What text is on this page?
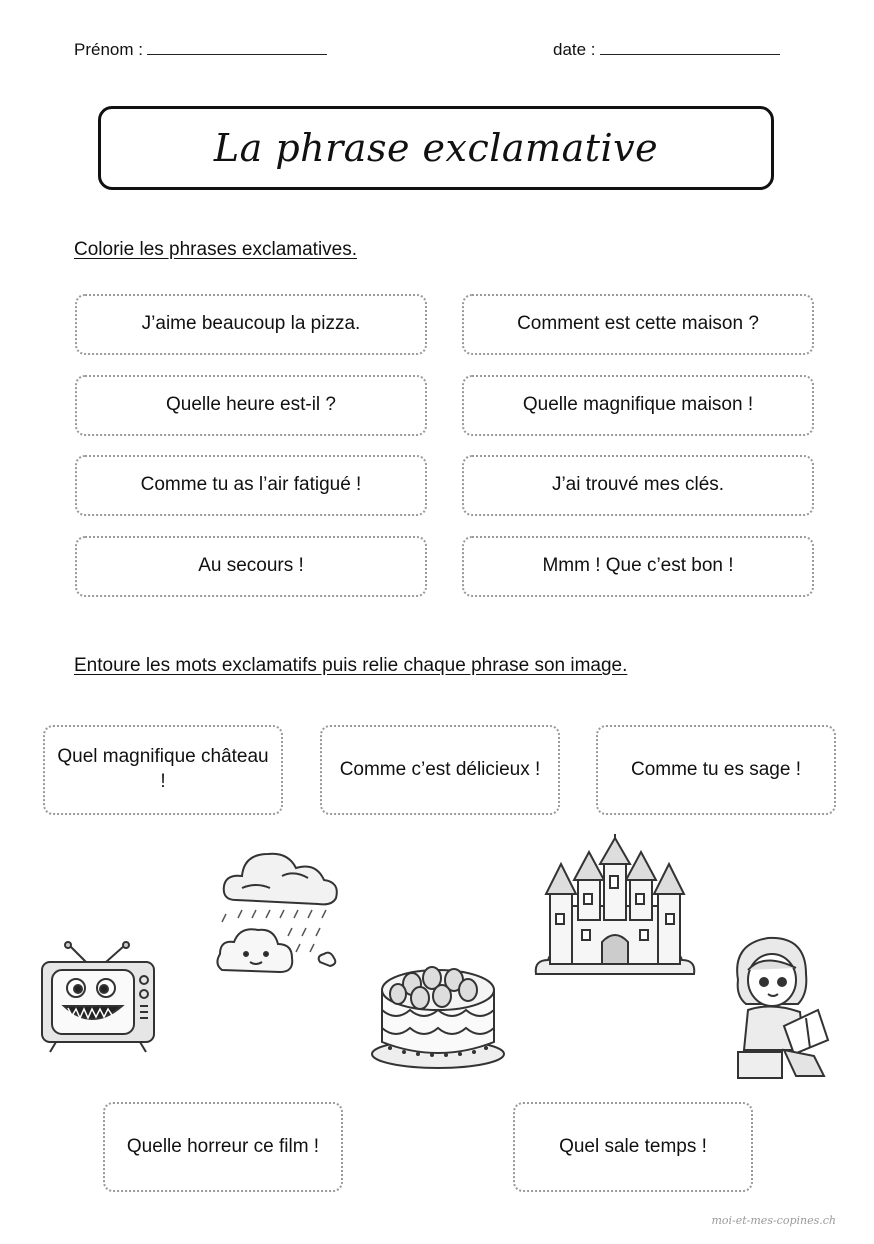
Prénom :	date :
La phrase exclamative
Colorie les phrases exclamatives.
J’aime beaucoup la pizza.	Comment est cette maison ?
Quelle heure est-il ?	Quelle magnifique maison !
Comme tu as l’air fatigué !	J’ai trouvé mes clés.
Au secours !	Mmm ! Que c’est bon !
Entoure les mots exclamatifs puis relie chaque phrase son image.
Quel magnifique château !
Comme c’est délicieux !	Comme tu es sage !
Quelle horreur ce film !	Quel sale temps !
moi-et-mes-copines.ch
